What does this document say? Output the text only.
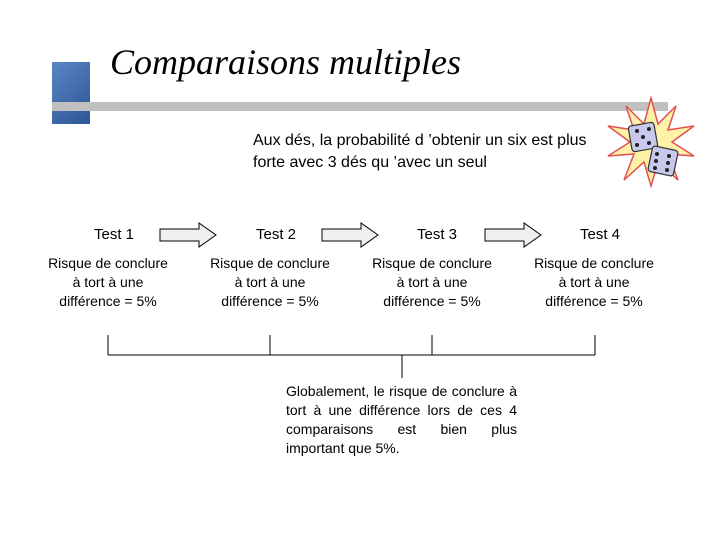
Comparaisons multiples
Aux dés, la probabilité d ’obtenir un six est plus forte avec 3 dés qu ’avec un seul
Test 1	Test 2	Test 3	Test 4
Risque de conclure à tort à une différence = 5%
Risque de conclure à tort à une différence = 5%
Risque de conclure à tort à une différence = 5%
Risque de conclure à tort à une différence = 5%
Globalement, le risque de conclure à tort à une différence lors de ces 4 comparaisons est bien plus important que 5%.
